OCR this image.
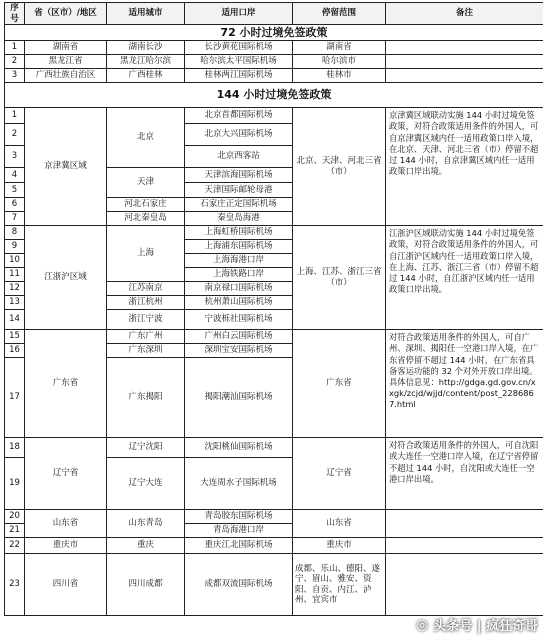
序号	省（区市）/地区	适用城市	适用口岸	停留范围	备注
72 小时过境免签政策					
1	湖南省	湖南长沙	长沙黄花国际机场	湖南省	
2	黑龙江省	黑龙江哈尔滨	哈尔滨太平国际机场	哈尔滨市	
3	广西壮族自治区	广西桂林	桂林两江国际机场	桂林市	
144 小时过境免签政策					
1	京津冀区域	北京	北京首都国际机场	北京、天津、河北三省（市）	京津冀区域联动实施 144 小时过境免签政策，对符合政策适用条件的外国人，可自京津冀区域内任一适用政策口岸入境，在北京、天津、河北三省（市）停留不超过 144 小时，自京津冀区域内任一适用政策口岸出境。
2			北京大兴国际机场		
3			北京西客站		
4		天津	天津滨海国际机场		
5			天津国际邮轮母港		
6		河北石家庄	石家庄正定国际机场		
7		河北秦皇岛	秦皇岛海港		
8	江浙沪区域	上海	上海虹桥国际机场	上海、江苏、浙江三省（市）	江浙沪区域联动实施 144 小时过境免签政策，对符合政策适用条件的外国人，可自江浙沪区域内任一适用政策口岸入境，在上海、江苏、浙江三省（市）停留不超过 144 小时，自江浙沪区域内任一适用政策口岸出境。
9			上海浦东国际机场		
10			上海海港口岸		
11			上海铁路口岸		
12		江苏南京	南京禄口国际机场		
13		浙江杭州	杭州萧山国际机场		
14		浙江宁波	宁波栎社国际机场		
15	广东省	广东广州	广州白云国际机场	广东省	对符合政策适用条件的外国人，可自广州、深圳、揭阳任一空港口岸入境，在广东省停留不超过 144 小时，在广东省具备客运功能的 32 个对外开放口岸出境。具体信息见：http://gdga.gd.gov.cn/xxgk/zcjd/wjjd/content/post_2286867.html
16		广东深圳	深圳宝安国际机场		
17		广东揭阳	揭阳潮汕国际机场		
18	辽宁省	辽宁沈阳	沈阳桃仙国际机场	辽宁省	对符合政策适用条件的外国人，可自沈阳或大连任一空港口岸入境，在辽宁省停留不超过 144 小时，自沈阳或大连任一空港口岸出境。
19		辽宁大连	大连周水子国际机场		
20	山东省	山东青岛	青岛胶东国际机场	山东省	
21			青岛海港口岸		
22	重庆市	重庆	重庆江北国际机场	重庆市	
23	四川省	四川成都	成都双流国际机场	成都、乐山、德阳、遂宁、眉山、雅安、资阳、自贡、内江、泸州、宜宾市	
◎ 头条号 | 疯狂奇哥
